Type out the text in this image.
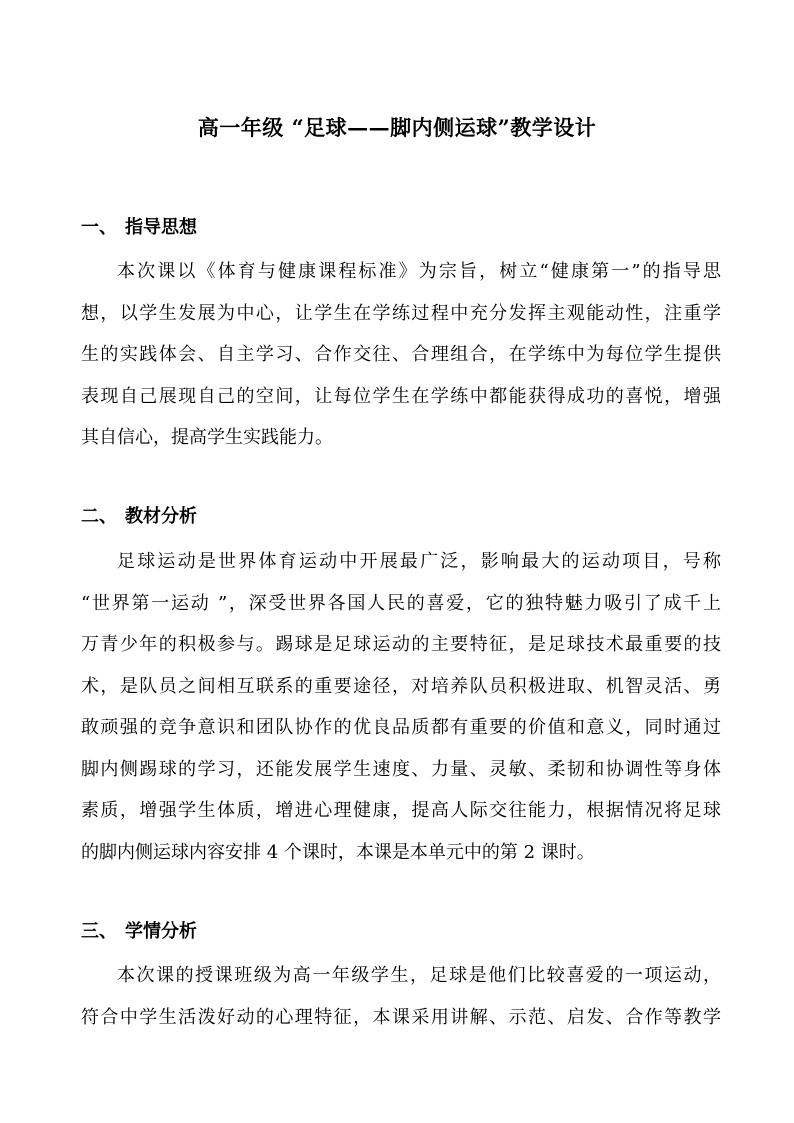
高一年级 “足球——脚内侧运球”教学设计
一、 指导思想
本次课以《体育与健康课程标准》为宗旨，树立“健康第一”的指导思
想，以学生发展为中心，让学生在学练过程中充分发挥主观能动性，注重学
生的实践体会、自主学习、合作交往、合理组合，在学练中为每位学生提供
表现自己展现自己的空间，让每位学生在学练中都能获得成功的喜悦，增强
其自信心，提高学生实践能力。
二、 教材分析
足球运动是世界体育运动中开展最广泛，影响最大的运动项目，号称
“世界第一运动 ”，深受世界各国人民的喜爱，它的独特魅力吸引了成千上
万青少年的积极参与。踢球是足球运动的主要特征，是足球技术最重要的技
术，是队员之间相互联系的重要途径，对培养队员积极进取、机智灵活、勇
敢顽强的竞争意识和团队协作的优良品质都有重要的价值和意义，同时通过
脚内侧踢球的学习，还能发展学生速度、力量、灵敏、柔韧和协调性等身体
素质，增强学生体质，增进心理健康，提高人际交往能力，根据情况将足球
的脚内侧运球内容安排 4 个课时，本课是本单元中的第 2 课时。
三、 学情分析
本次课的授课班级为高一年级学生，足球是他们比较喜爱的一项运动，
符合中学生活泼好动的心理特征，本课采用讲解、示范、启发、合作等教学
